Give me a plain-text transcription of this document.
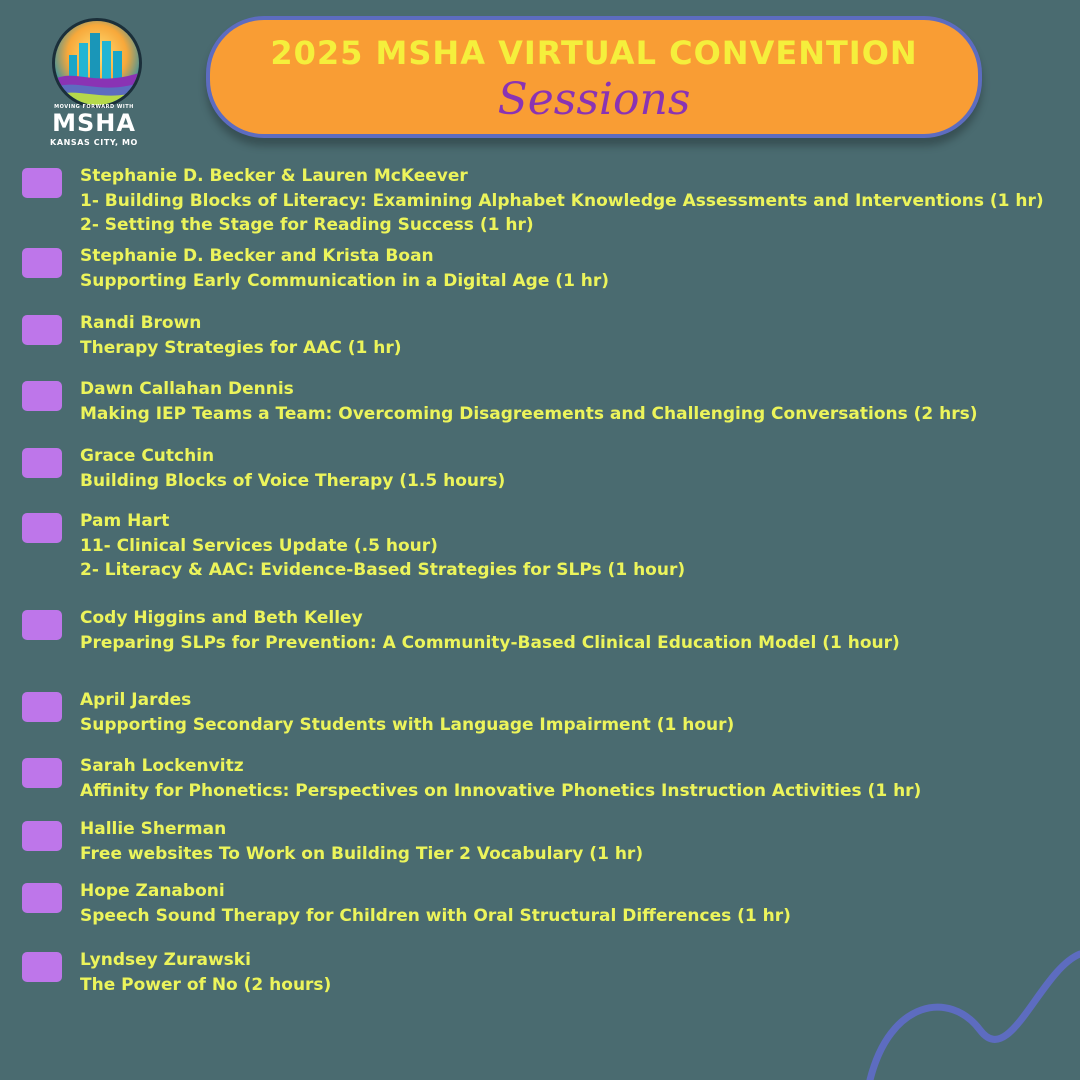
MOVING FORWARD WITH
MSHA
KANSAS CITY, MO
2025 MSHA VIRTUAL CONVENTION
Sessions
Stephanie D. Becker & Lauren McKeever
1- Building Blocks of Literacy: Examining Alphabet Knowledge Assessments and Interventions (1 hr)
2- Setting the Stage for Reading Success (1 hr)
Stephanie D. Becker and Krista Boan
Supporting Early Communication in a Digital Age (1 hr)
Randi Brown
Therapy Strategies for AAC (1 hr)
Dawn Callahan Dennis
Making IEP Teams a Team: Overcoming Disagreements and Challenging Conversations (2 hrs)
Grace Cutchin
Building Blocks of Voice Therapy (1.5 hours)
Pam Hart
11- Clinical Services Update (.5 hour)
2- Literacy & AAC: Evidence-Based Strategies for SLPs (1 hour)
Cody Higgins and Beth Kelley
Preparing SLPs for Prevention: A Community-Based Clinical Education Model (1 hour)
April Jardes
Supporting Secondary Students with Language Impairment (1 hour)
Sarah Lockenvitz
Affinity for Phonetics: Perspectives on Innovative Phonetics Instruction Activities (1 hr)
Hallie Sherman
Free websites To Work on Building Tier 2 Vocabulary (1 hr)
Hope Zanaboni
Speech Sound Therapy for Children with Oral Structural Differences (1 hr)
Lyndsey Zurawski
The Power of No (2 hours)
